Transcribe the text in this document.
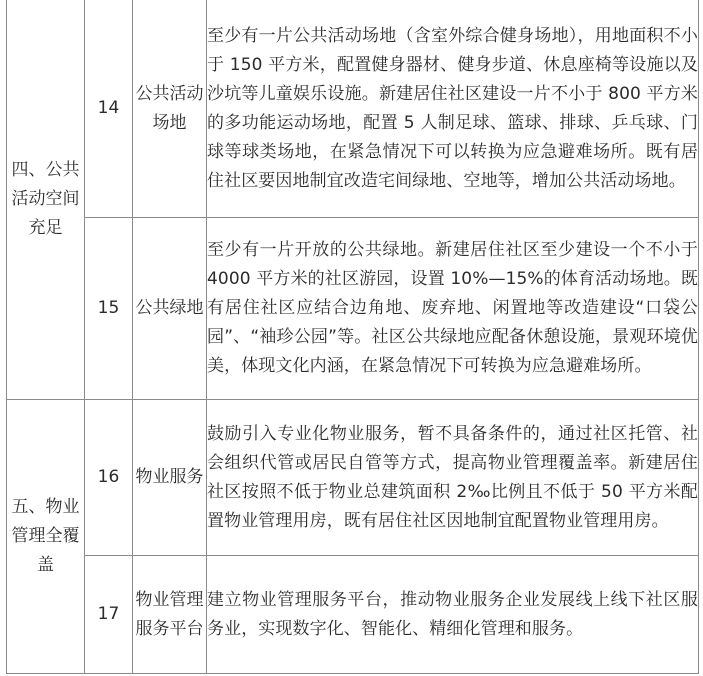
四、公共活动空间充足	14	公共活动场地	至少有一片公共活动场地（含室外综合健身场地），用地面积不小于 150 平方米，配置健身器材、健身步道、休息座椅等设施以及沙坑等儿童娱乐设施。新建居住社区建设一片不小于 800 平方米的多功能运动场地，配置 5 人制足球、篮球、排球、乒乓球、门球等球类场地，在紧急情况下可以转换为应急避难场所。既有居住社区要因地制宜改造宅间绿地、空地等，增加公共活动场地。
	15	公共绿地	至少有一片开放的公共绿地。新建居住社区至少建设一个不小于 4000 平方米的社区游园，设置 10%—15%的体育活动场地。既有居住社区应结合边角地、废弃地、闲置地等改造建设“口袋公园”、“袖珍公园”等。社区公共绿地应配备休憩设施，景观环境优美，体现文化内涵，在紧急情况下可转换为应急避难场所。
五、物业管理全覆盖	16	物业服务	鼓励引入专业化物业服务，暂不具备条件的，通过社区托管、社会组织代管或居民自管等方式，提高物业管理覆盖率。新建居住社区按照不低于物业总建筑面积 2‰比例且不低于 50 平方米配置物业管理用房，既有居住社区因地制宜配置物业管理用房。
	17	物业管理服务平台	建立物业管理服务平台，推动物业服务企业发展线上线下社区服务业，实现数字化、智能化、精细化管理和服务。
